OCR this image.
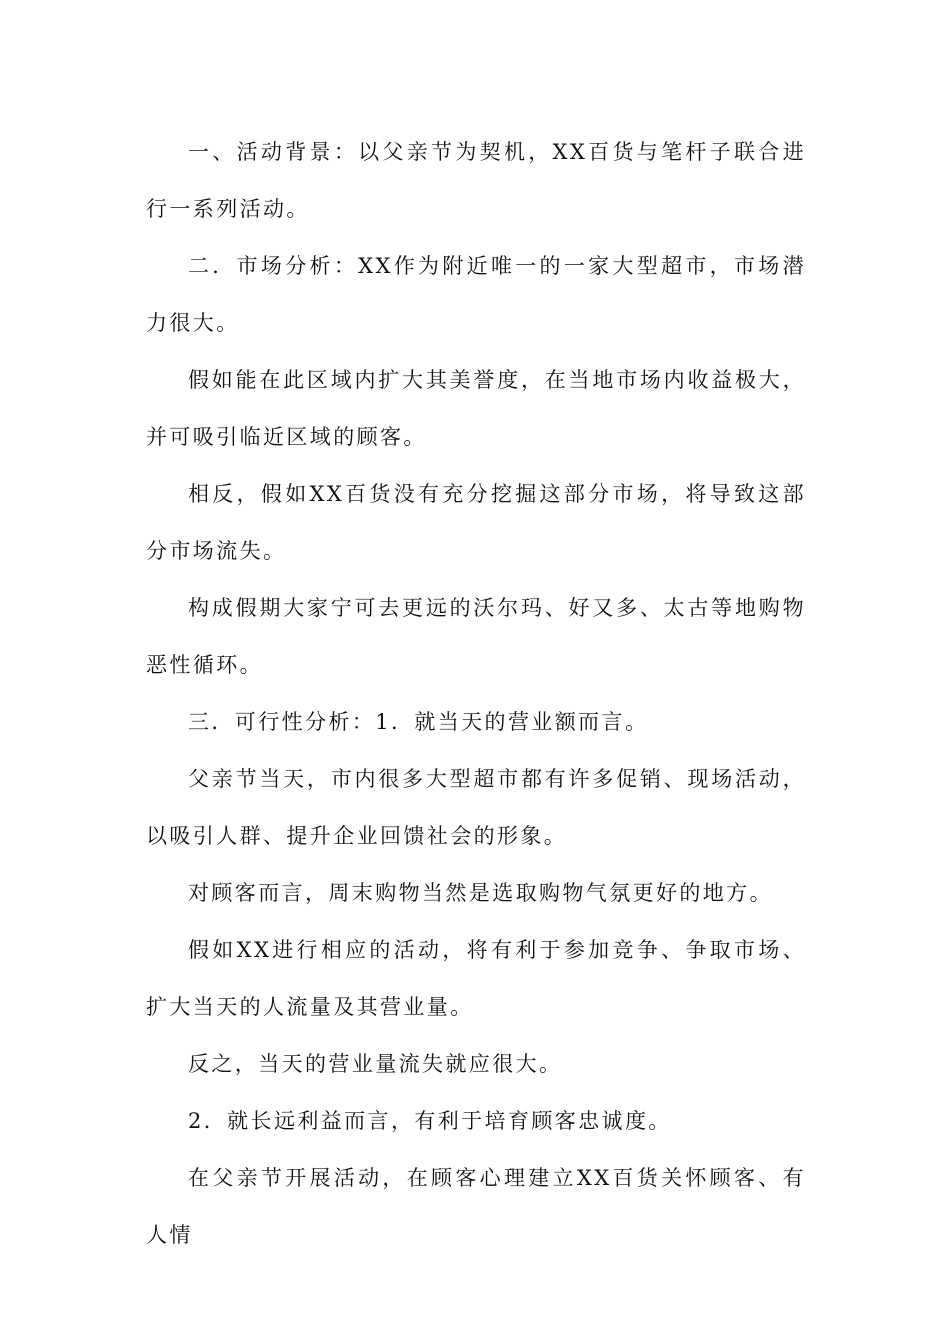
一、活动背景：以父亲节为契机，XX百货与笔杆子联合进行一系列活动。

二．市场分析：XX作为附近唯一的一家大型超市，市场潜力很大。

假如能在此区域内扩大其美誉度，在当地市场内收益极大，并可吸引临近区域的顾客。

相反，假如XX百货没有充分挖掘这部分市场，将导致这部分市场流失。

构成假期大家宁可去更远的沃尔玛、好又多、太古等地购物恶性循环。

三．可行性分析：1．就当天的营业额而言。

父亲节当天，市内很多大型超市都有许多促销、现场活动，以吸引人群、提升企业回馈社会的形象。

对顾客而言，周末购物当然是选取购物气氛更好的地方。

假如XX进行相应的活动，将有利于参加竞争、争取市场、扩大当天的人流量及其营业量。

反之，当天的营业量流失就应很大。

2．就长远利益而言，有利于培育顾客忠诚度。

在父亲节开展活动，在顾客心理建立XX百货关怀顾客、有人情
